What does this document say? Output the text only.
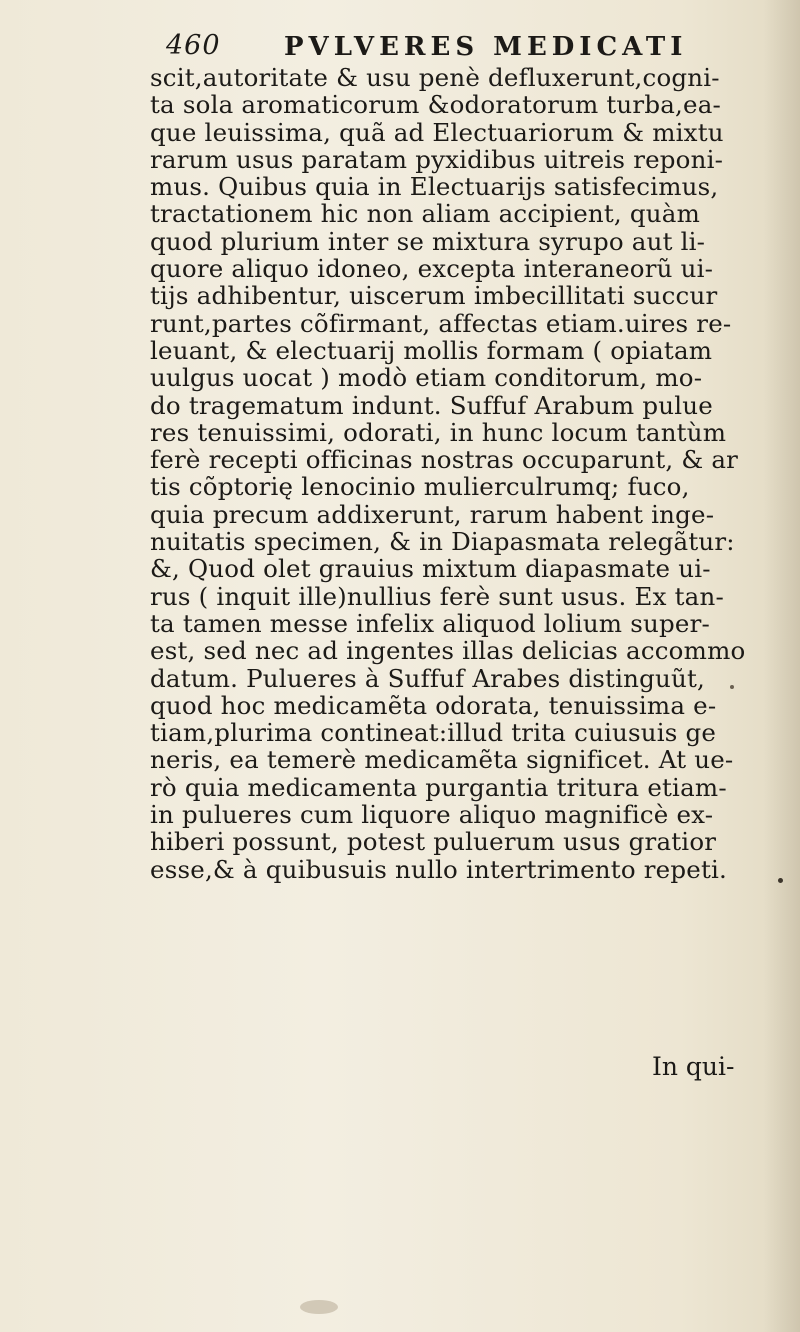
460 PVLVERES MEDICATI
scit,autoritate & usu penè defluxerunt,cogni-
ta sola aromaticorum &odoratorum turba,ea-
que leuissima, quã ad Electuariorum & mixtu
rarum usus paratam pyxidibus uitreis reponi-
mus. Quibus quia in Electuarijs satisfecimus,
tractationem hic non aliam accipient, quàm
quod plurium inter se mixtura syrupo aut li-
quore aliquo idoneo, excepta interaneorũ ui-
tijs adhibentur, uiscerum imbecillitati succur
runt,partes cõfirmant, affectas etiam.uires re-
leuant, & electuarij mollis formam ( opiatam
uulgus uocat ) modò etiam conditorum, mo-
do tragematum indunt. Suffuf Arabum pulue
res tenuissimi, odorati, in hunc locum tantùm
ferè recepti officinas nostras occuparunt, & ar
tis cõptorię lenocinio mulierculrumq; fuco,
quia precum addixerunt, rarum habent inge-
nuitatis specimen, & in Diapasmata relegãtur:
&, Quod olet grauius mixtum diapasmate ui-
rus ( inquit ille)nullius ferè sunt usus. Ex tan-
ta tamen messe infelix aliquod lolium super-
est, sed nec ad ingentes illas delicias accommo
datum. Pulueres à Suffuf Arabes distinguũt,
quod hoc medicamẽta odorata, tenuissima e-
tiam,plurima contineat:illud trita cuiusuis ge
neris, ea temerè medicamẽta significet. At ue-
rò quia medicamenta purgantia tritura etiam-
in pulueres cum liquore aliquo magnificè ex-
hiberi possunt, potest puluerum usus gratior
esse,& à quibusuis nullo intertrimento repeti.
In qui-
